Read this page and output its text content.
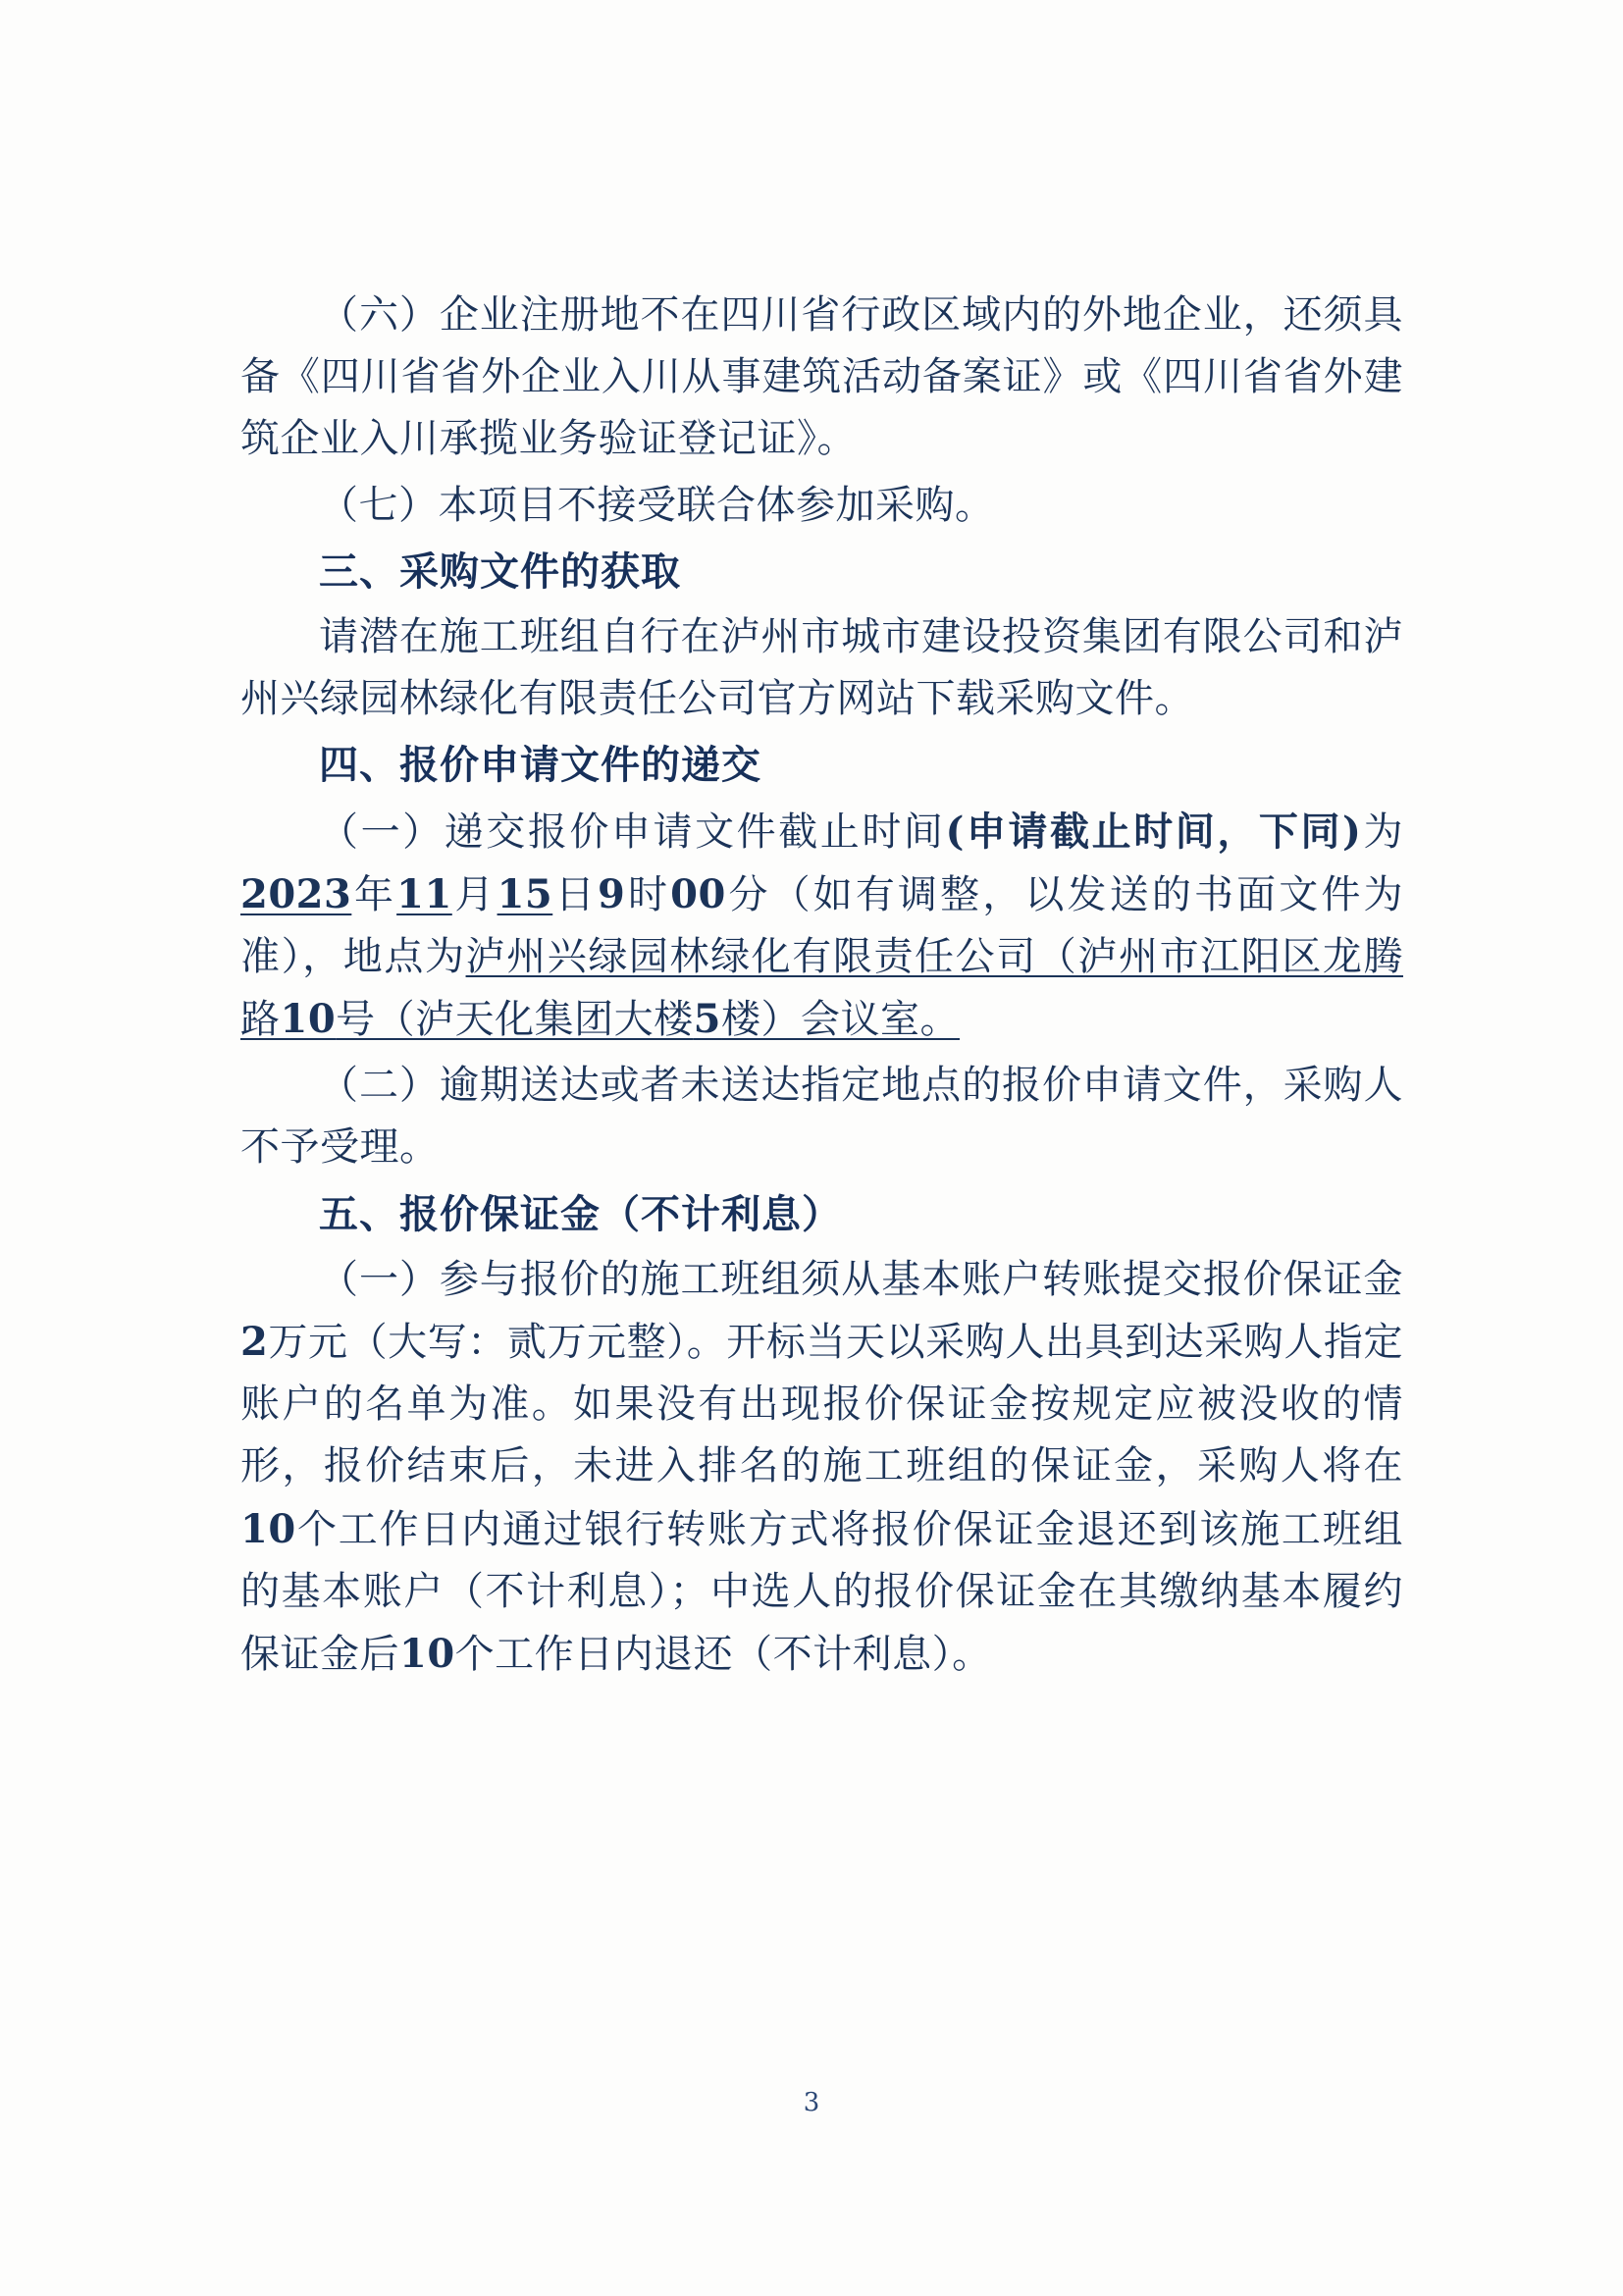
（六）企业注册地不在四川省行政区域内的外地企业，还须具备《四川省省外企业入川从事建筑活动备案证》或《四川省省外建筑企业入川承揽业务验证登记证》。

（七）本项目不接受联合体参加采购。

三、采购文件的获取

请潜在施工班组自行在泸州市城市建设投资集团有限公司和泸州兴绿园林绿化有限责任公司官方网站下载采购文件。

四、报价申请文件的递交

（一）递交报价申请文件截止时间(申请截止时间，下同)为2023年11月15日9时00分（如有调整，以发送的书面文件为准），地点为泸州兴绿园林绿化有限责任公司（泸州市江阳区龙腾路10号（泸天化集团大楼5楼）会议室。

（二）逾期送达或者未送达指定地点的报价申请文件，采购人不予受理。

五、报价保证金（不计利息）

（一）参与报价的施工班组须从基本账户转账提交报价保证金2万元（大写：贰万元整）。开标当天以采购人出具到达采购人指定账户的名单为准。如果没有出现报价保证金按规定应被没收的情形，报价结束后，未进入排名的施工班组的保证金，采购人将在10个工作日内通过银行转账方式将报价保证金退还到该施工班组的基本账户（不计利息）；中选人的报价保证金在其缴纳基本履约保证金后10个工作日内退还（不计利息）。

3
